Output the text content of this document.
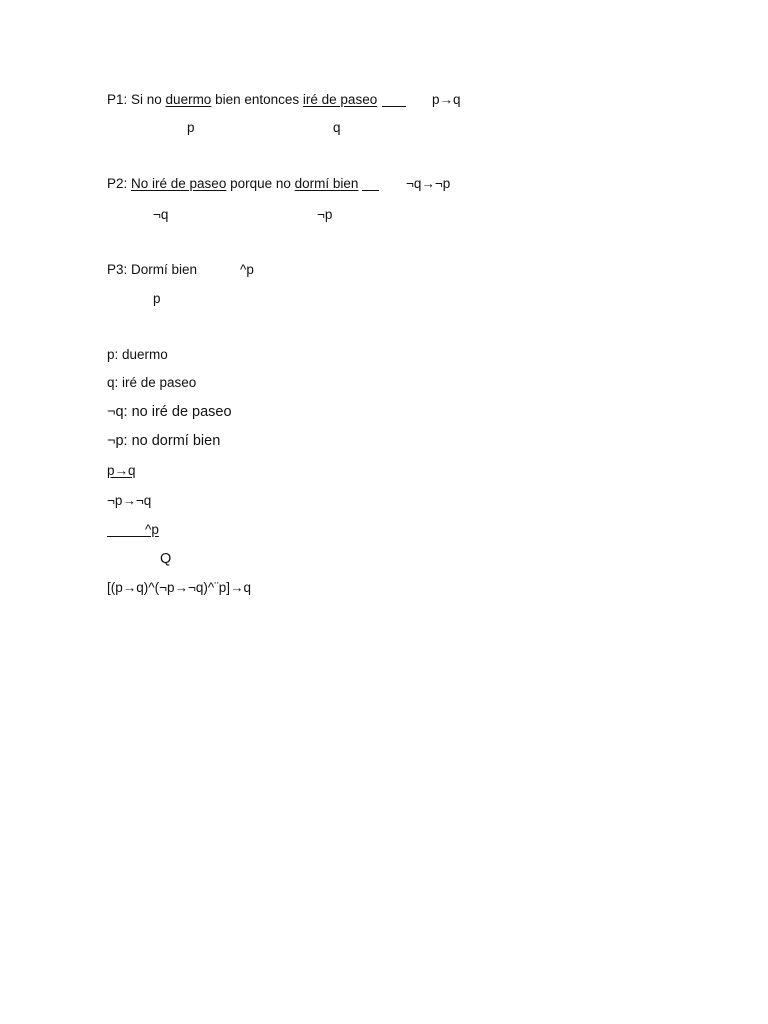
P1: Si no duermo bien entonces iré de paseo	p→q
p	q
P2: No iré de paseo porque no dormí bien	¬q→¬p
¬q	¬p
P3: Dormí bien	^p
p
p: duermo
q: iré de paseo
¬q: no iré de paseo
¬p: no dormí bien
p→q
¬p→¬q
^p
Q
[(p→q)^(¬p→¬q)^¨p]→q
